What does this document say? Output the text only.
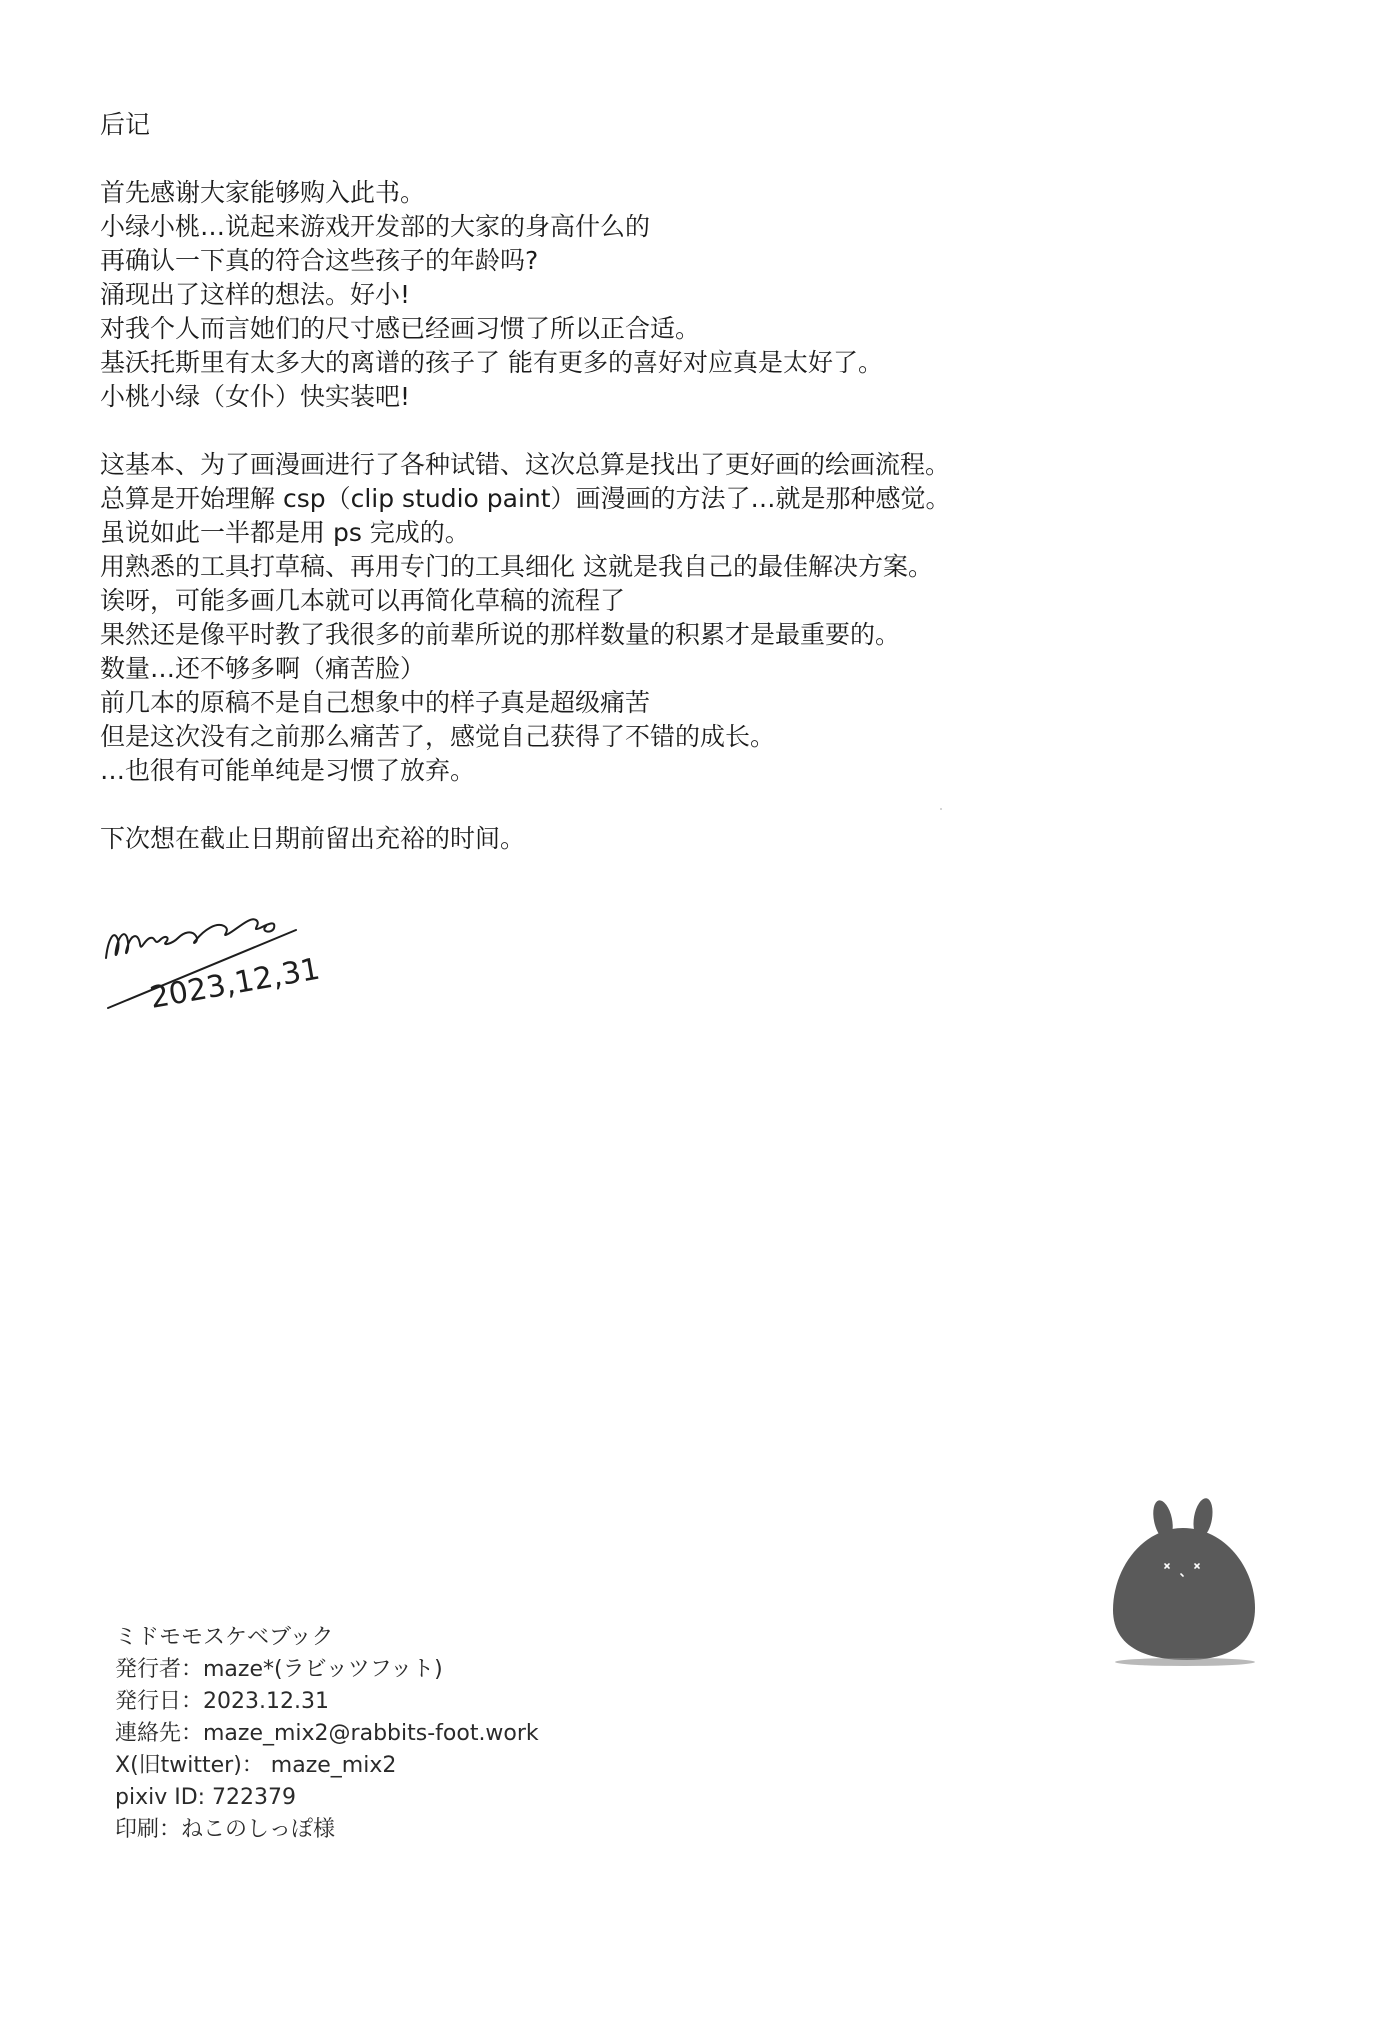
后记
首先感谢大家能够购入此书。
小绿小桃…说起来游戏开发部的大家的身高什么的
再确认一下真的符合这些孩子的年龄吗?
涌现出了这样的想法。好小!
对我个人而言她们的尺寸感已经画习惯了所以正合适。
基沃托斯里有太多大的离谱的孩子了 能有更多的喜好对应真是太好了。
小桃小绿（女仆）快实装吧!
这基本、为了画漫画进行了各种试错、这次总算是找出了更好画的绘画流程。
总算是开始理解 csp（clip studio paint）画漫画的方法了…就是那种感觉。
虽说如此一半都是用 ps 完成的。
用熟悉的工具打草稿、再用专门的工具细化 这就是我自己的最佳解决方案。
诶呀，可能多画几本就可以再简化草稿的流程了
果然还是像平时教了我很多的前辈所说的那样数量的积累才是最重要的。
数量…还不够多啊（痛苦脸）
前几本的原稿不是自己想象中的样子真是超级痛苦
但是这次没有之前那么痛苦了，感觉自己获得了不错的成长。
…也很有可能单纯是习惯了放弃。
下次想在截止日期前留出充裕的时间。
2023,12,31
ミドモモスケベブック
発行者：maze*(ラビッツフット)
発行日：2023.12.31
連絡先：maze_mix2@rabbits-foot.work
X(旧twitter)： maze_mix2
pixiv ID: 722379
印刷：ねこのしっぽ様
